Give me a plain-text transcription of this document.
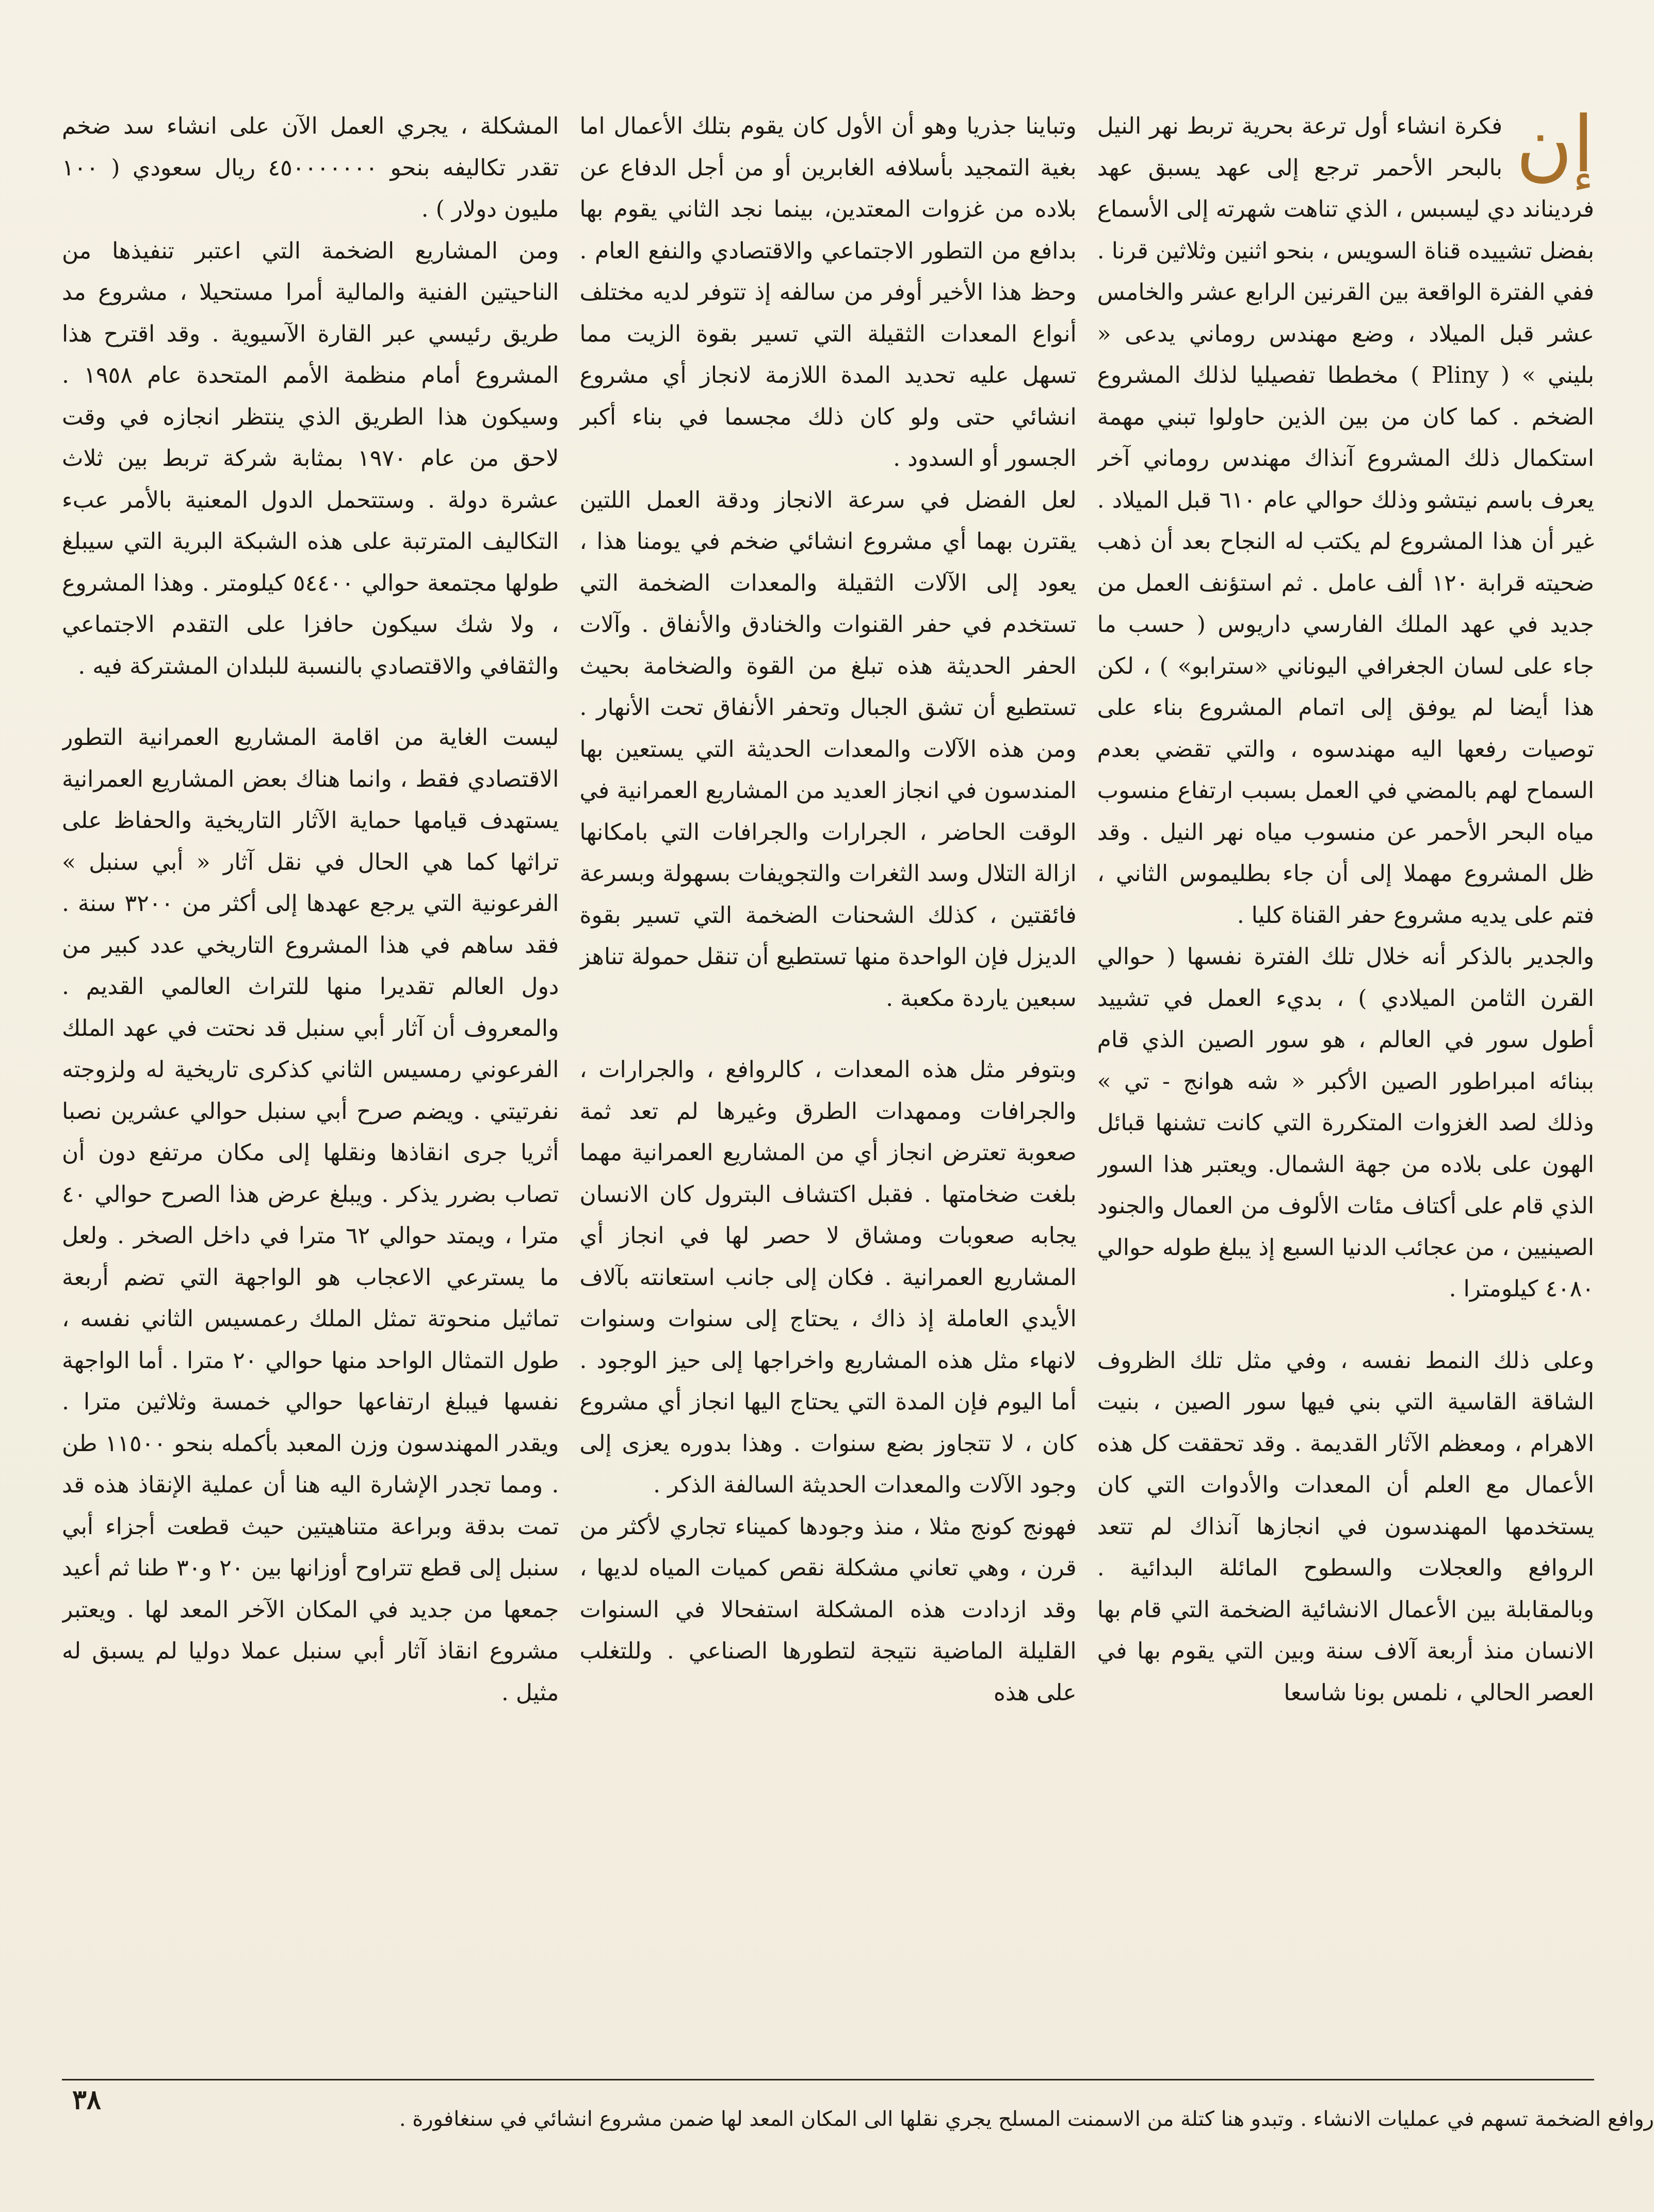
إن

فكرة انشاء أول ترعة بحرية تربط نهر النيل بالبحر الأحمر ترجع إلى عهد يسبق عهد فرديناند دي ليسبس ، الذي تناهت شهرته إلى الأسماع بفضل تشييده قناة السويس ، بنحو اثنين وثلاثين قرنا . ففي الفترة الواقعة بين القرنين الرابع عشر والخامس عشر قبل الميلاد ، وضع مهندس روماني يدعى « بليني » ( Pliny ) مخططا تفصيليا لذلك المشروع الضخم . كما كان من بين الذين حاولوا تبني مهمة استكمال ذلك المشروع آنذاك مهندس روماني آخر يعرف باسم نيتشو وذلك حوالي عام ٦١٠ قبل الميلاد . غير أن هذا المشروع لم يكتب له النجاح بعد أن ذهب ضحيته قرابة ١٢٠ ألف عامل . ثم استؤنف العمل من جديد في عهد الملك الفارسي داريوس ( حسب ما جاء على لسان الجغرافي اليوناني «سترابو» ) ، لكن هذا أيضا لم يوفق إلى اتمام المشروع بناء على توصيات رفعها اليه مهندسوه ، والتي تقضي بعدم السماح لهم بالمضي في العمل بسبب ارتفاع منسوب مياه البحر الأحمر عن منسوب مياه نهر النيل . وقد ظل المشروع مهملا إلى أن جاء بطليموس الثاني ، فتم على يديه مشروع حفر القناة كليا .

والجدير بالذكر أنه خلال تلك الفترة نفسها ( حوالي القرن الثامن الميلادي ) ، بديء العمل في تشييد أطول سور في العالم ، هو سور الصين الذي قام ببنائه امبراطور الصين الأكبر « شه هوانج - تي » وذلك لصد الغزوات المتكررة التي كانت تشنها قبائل الهون على بلاده من جهة الشمال. ويعتبر هذا السور الذي قام على أكتاف مئات الألوف من العمال والجنود الصينيين ، من عجائب الدنيا السبع إذ يبلغ طوله حوالي ٤٠٨٠ كيلومترا .

وعلى ذلك النمط نفسه ، وفي مثل تلك الظروف الشاقة القاسية التي بني فيها سور الصين ، بنيت الاهرام ، ومعظم الآثار القديمة . وقد تحققت كل هذه الأعمال مع العلم أن المعدات والأدوات التي كان يستخدمها المهندسون في انجازها آنذاك لم تتعد الروافع والعجلات والسطوح المائلة البدائية . وبالمقابلة بين الأعمال الانشائية الضخمة التي قام بها الانسان منذ أربعة آلاف سنة وبين التي يقوم بها في العصر الحالي ، نلمس بونا شاسعا

وتباينا جذريا وهو أن الأول كان يقوم بتلك الأعمال اما بغية التمجيد بأسلافه الغابرين أو من أجل الدفاع عن بلاده من غزوات المعتدين، بينما نجد الثاني يقوم بها بدافع من التطور الاجتماعي والاقتصادي والنفع العام . وحظ هذا الأخير أوفر من سالفه إذ تتوفر لديه مختلف أنواع المعدات الثقيلة التي تسير بقوة الزيت مما تسهل عليه تحديد المدة اللازمة لانجاز أي مشروع انشائي حتى ولو كان ذلك مجسما في بناء أكبر الجسور أو السدود .

لعل الفضل في سرعة الانجاز ودقة العمل اللتين يقترن بهما أي مشروع انشائي ضخم في يومنا هذا ، يعود إلى الآلات الثقيلة والمعدات الضخمة التي تستخدم في حفر القنوات والخنادق والأنفاق . وآلات الحفر الحديثة هذه تبلغ من القوة والضخامة بحيث تستطيع أن تشق الجبال وتحفر الأنفاق تحت الأنهار . ومن هذه الآلات والمعدات الحديثة التي يستعين بها المندسون في انجاز العديد من المشاريع العمرانية في الوقت الحاضر ، الجرارات والجرافات التي بامكانها ازالة التلال وسد الثغرات والتجويفات بسهولة وبسرعة فائقتين ، كذلك الشحنات الضخمة التي تسير بقوة الديزل فإن الواحدة منها تستطيع أن تنقل حمولة تناهز سبعين ياردة مكعبة .

وبتوفر مثل هذه المعدات ، كالروافع ، والجرارات ، والجرافات وممهدات الطرق وغيرها لم تعد ثمة صعوبة تعترض انجاز أي من المشاريع العمرانية مهما بلغت ضخامتها . فقبل اكتشاف البترول كان الانسان يجابه صعوبات ومشاق لا حصر لها في انجاز أي المشاريع العمرانية . فكان إلى جانب استعانته بآلاف الأيدي العاملة إذ ذاك ، يحتاج إلى سنوات وسنوات لانهاء مثل هذه المشاريع واخراجها إلى حيز الوجود . أما اليوم فإن المدة التي يحتاج اليها انجاز أي مشروع كان ، لا تتجاوز بضع سنوات . وهذا بدوره يعزى إلى وجود الآلات والمعدات الحديثة السالفة الذكر .

فهونج كونج مثلا ، منذ وجودها كميناء تجاري لأكثر من قرن ، وهي تعاني مشكلة نقص كميات المياه لديها ، وقد ازدادت هذه المشكلة استفحالا في السنوات القليلة الماضية نتيجة لتطورها الصناعي . وللتغلب على هذه

المشكلة ، يجري العمل الآن على انشاء سد ضخم تقدر تكاليفه بنحو ٤٥٠٠٠٠٠٠٠ ريال سعودي ( ١٠٠ مليون دولار ) .

ومن المشاريع الضخمة التي اعتبر تنفيذها من الناحيتين الفنية والمالية أمرا مستحيلا ، مشروع مد طريق رئيسي عبر القارة الآسيوية . وقد اقترح هذا المشروع أمام منظمة الأمم المتحدة عام ١٩٥٨ . وسيكون هذا الطريق الذي ينتظر انجازه في وقت لاحق من عام ١٩٧٠ بمثابة شركة تربط بين ثلاث عشرة دولة . وستتحمل الدول المعنية بالأمر عبء التكاليف المترتبة على هذه الشبكة البرية التي سيبلغ طولها مجتمعة حوالي ٥٤٤٠٠ كيلومتر . وهذا المشروع ، ولا شك سيكون حافزا على التقدم الاجتماعي والثقافي والاقتصادي بالنسبة للبلدان المشتركة فيه .

ليست الغاية من اقامة المشاريع العمرانية التطور الاقتصادي فقط ، وانما هناك بعض المشاريع العمرانية يستهدف قيامها حماية الآثار التاريخية والحفاظ على تراثها كما هي الحال في نقل آثار « أبي سنبل » الفرعونية التي يرجع عهدها إلى أكثر من ٣٢٠٠ سنة . فقد ساهم في هذا المشروع التاريخي عدد كبير من دول العالم تقديرا منها للتراث العالمي القديم . والمعروف أن آثار أبي سنبل قد نحتت في عهد الملك الفرعوني رمسيس الثاني كذكرى تاريخية له ولزوجته نفرتيتي . ويضم صرح أبي سنبل حوالي عشرين نصبا أثريا جرى انقاذها ونقلها إلى مكان مرتفع دون أن تصاب بضرر يذكر . ويبلغ عرض هذا الصرح حوالي ٤٠ مترا ، ويمتد حوالي ٦٢ مترا في داخل الصخر . ولعل ما يسترعي الاعجاب هو الواجهة التي تضم أربعة تماثيل منحوتة تمثل الملك رعمسيس الثاني نفسه ، طول التمثال الواحد منها حوالي ٢٠ مترا . أما الواجهة نفسها فيبلغ ارتفاعها حوالي خمسة وثلاثين مترا . ويقدر المهندسون وزن المعبد بأكمله بنحو ١١٥٠٠ طن . ومما تجدر الإشارة اليه هنا أن عملية الإنقاذ هذه قد تمت بدقة وبراعة متناهيتين حيث قطعت أجزاء أبي سنبل إلى قطع تتراوح أوزانها بين ٢٠ و٣٠ طنا ثم أعيد جمعها من جديد في المكان الآخر المعد لها . ويعتبر مشروع انقاذ آثار أبي سنبل عملا دوليا لم يسبق له مثيل .

٣٨
روافع الضخمة تسهم في عمليات الانشاء . وتبدو هنا كتلة من الاسمنت المسلح يجري نقلها الى المكان المعد لها ضمن مشروع انشائي في سنغافورة .
